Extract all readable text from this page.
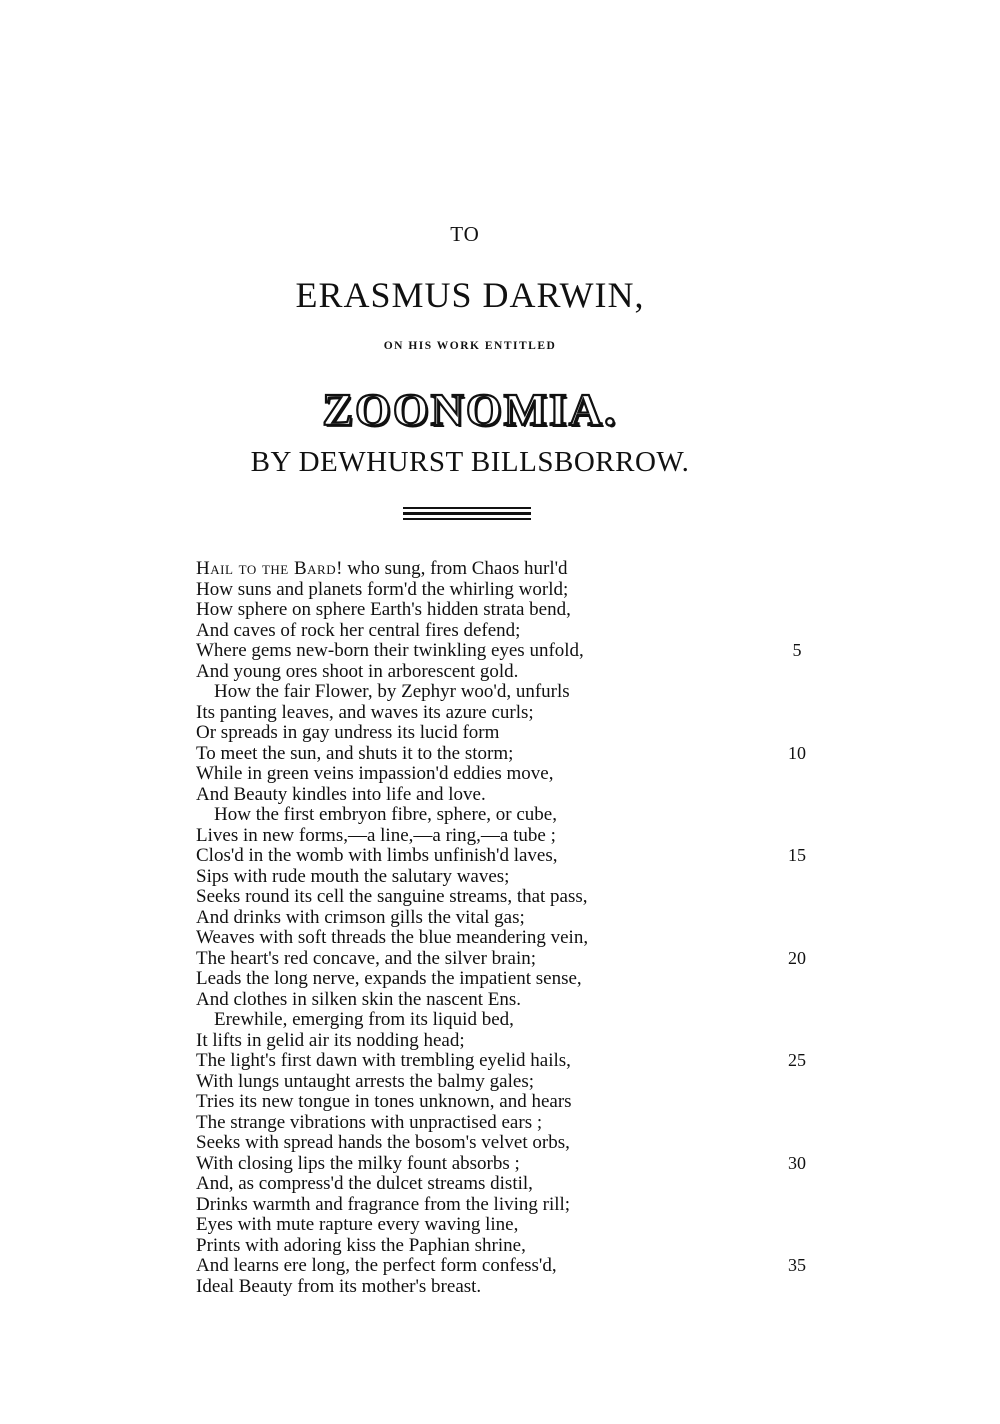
TO
ERASMUS DARWIN,
ON HIS WORK ENTITLED
ZOONOMIA.
BY DEWHURST BILLSBORROW.
Hail to the Bard! who sung, from Chaos hurl'd
How suns and planets form'd the whirling world;
How sphere on sphere Earth's hidden strata bend,
And caves of rock her central fires defend;
Where gems new-born their twinkling eyes unfold,
And young ores shoot in arborescent gold.
How the fair Flower, by Zephyr woo'd, unfurls
Its panting leaves, and waves its azure curls;
Or spreads in gay undress its lucid form
To meet the sun, and shuts it to the storm;
While in green veins impassion'd eddies move,
And Beauty kindles into life and love.
How the first embryon fibre, sphere, or cube,
Lives in new forms,—a line,—a ring,—a tube ;
Clos'd in the womb with limbs unfinish'd laves,
Sips with rude mouth the salutary waves;
Seeks round its cell the sanguine streams, that pass,
And drinks with crimson gills the vital gas;
Weaves with soft threads the blue meandering vein,
The heart's red concave, and the silver brain;
Leads the long nerve, expands the impatient sense,
And clothes in silken skin the nascent Ens.
Erewhile, emerging from its liquid bed,
It lifts in gelid air its nodding head;
The light's first dawn with trembling eyelid hails,
With lungs untaught arrests the balmy gales;
Tries its new tongue in tones unknown, and hears
The strange vibrations with unpractised ears ;
Seeks with spread hands the bosom's velvet orbs,
With closing lips the milky fount absorbs ;
And, as compress'd the dulcet streams distil,
Drinks warmth and fragrance from the living rill;
Eyes with mute rapture every waving line,
Prints with adoring kiss the Paphian shrine,
And learns ere long, the perfect form confess'd,
Ideal Beauty from its mother's breast.
5
10
15
20
25
30
35
